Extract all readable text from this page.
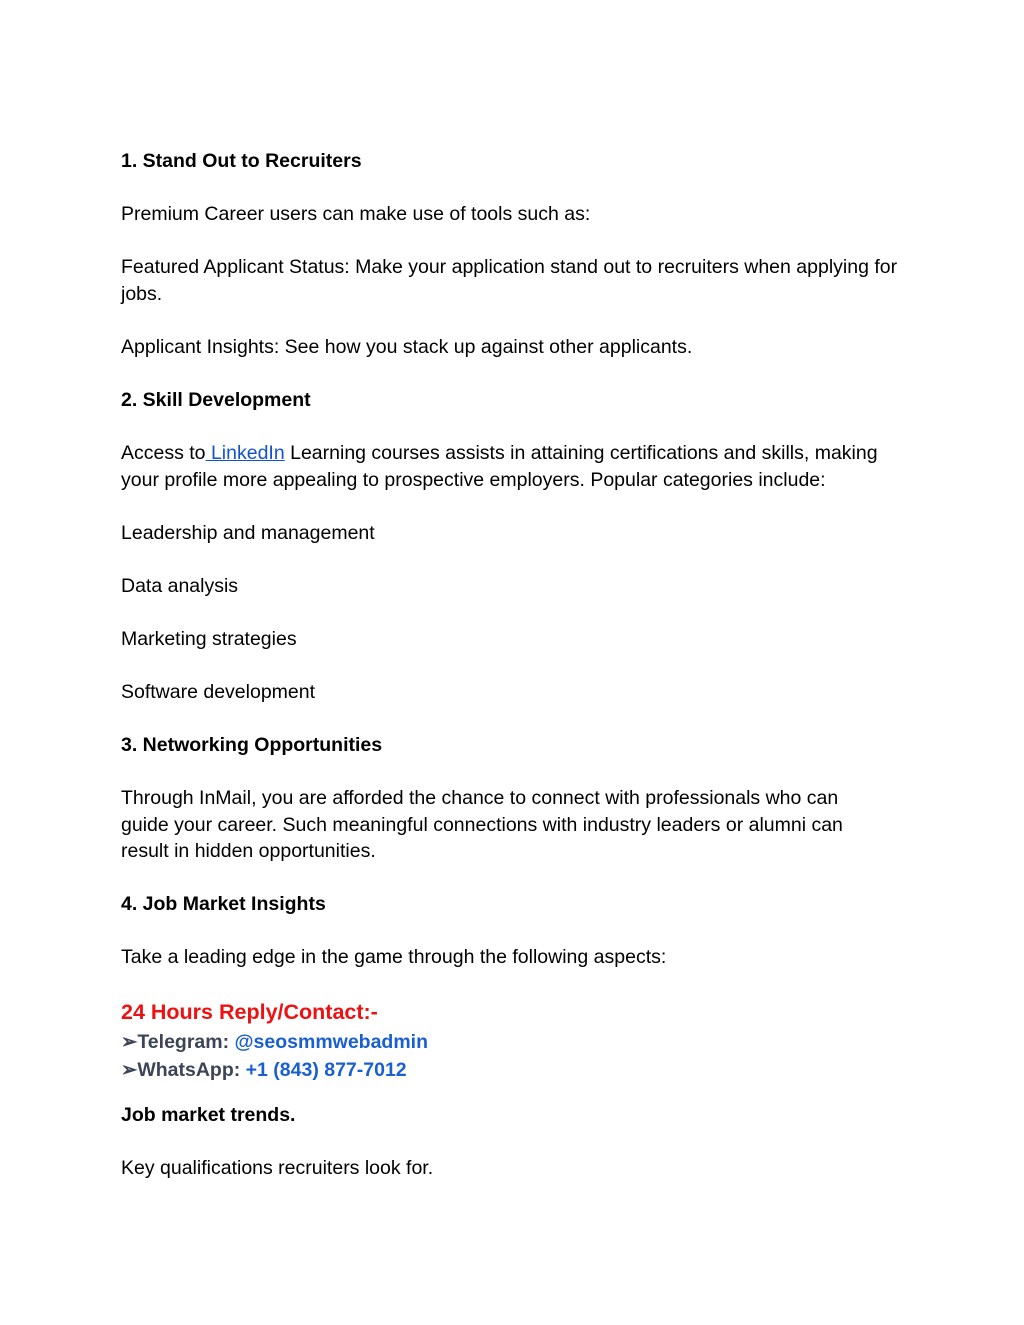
1. Stand Out to Recruiters

Premium Career users can make use of tools such as:

Featured Applicant Status: Make your application stand out to recruiters when applying for jobs.

Applicant Insights: See how you stack up against other applicants.

2. Skill Development

Access to LinkedIn Learning courses assists in attaining certifications and skills, making your profile more appealing to prospective employers. Popular categories include:

Leadership and management

Data analysis

Marketing strategies

Software development

3. Networking Opportunities

Through InMail, you are afforded the chance to connect with professionals who can guide your career. Such meaningful connections with industry leaders or alumni can result in hidden opportunities.

4. Job Market Insights

Take a leading edge in the game through the following aspects:

24 Hours Reply/Contact:-
➢Telegram: @seosmmwebadmin
➢WhatsApp: +1 (843) 877-7012

Job market trends.

Key qualifications recruiters look for.
